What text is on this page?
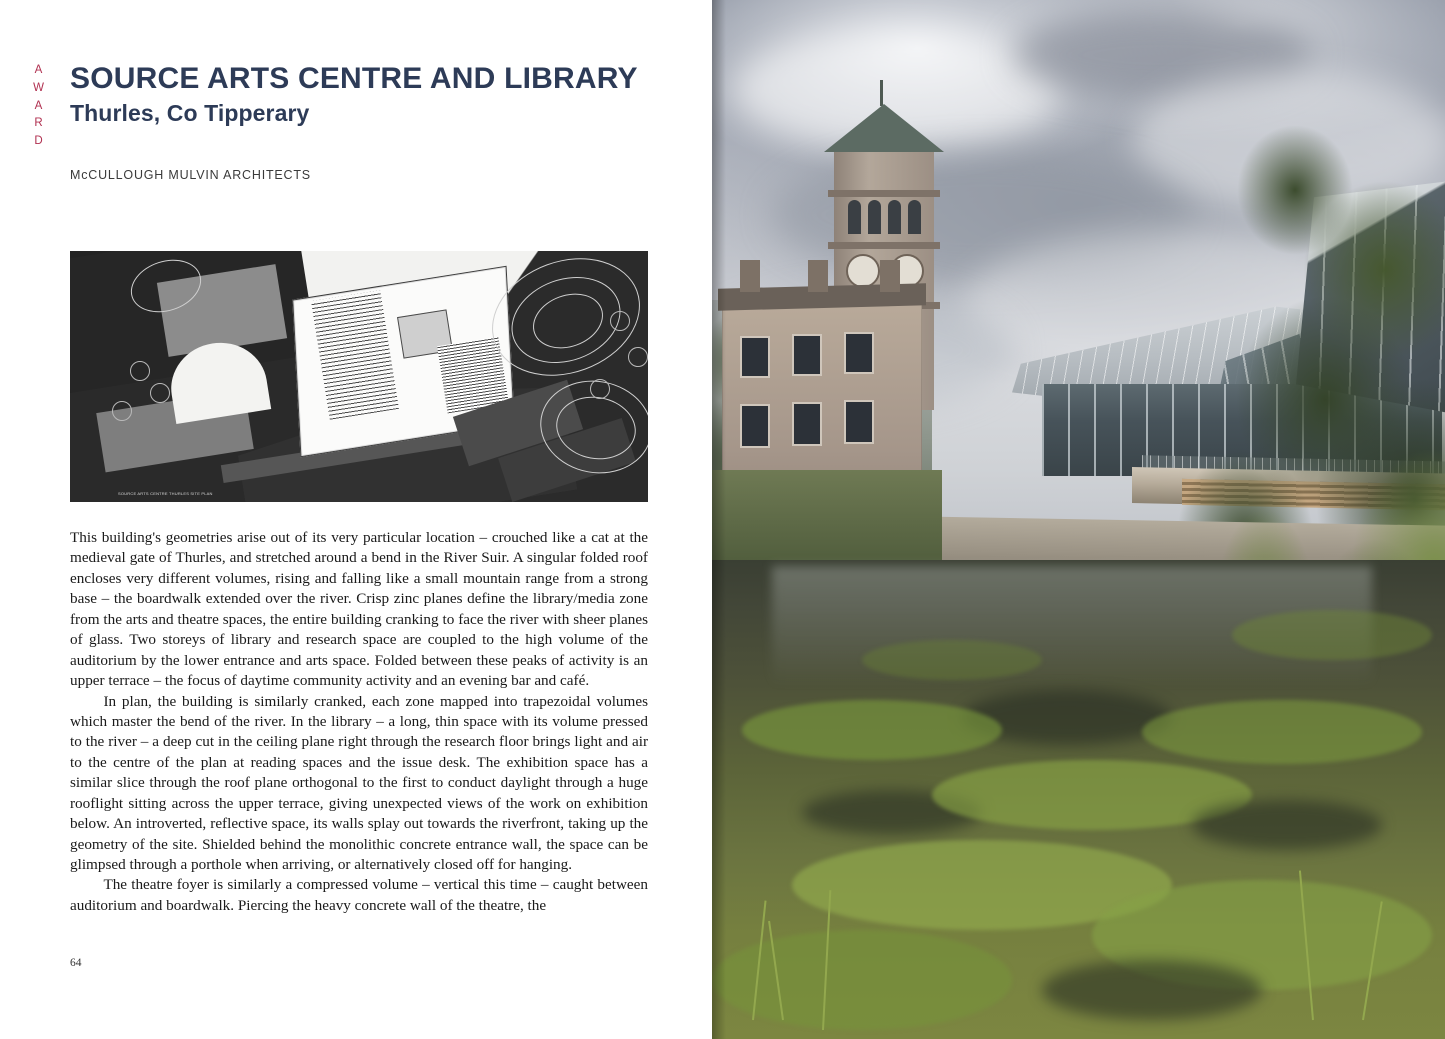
A
W
A
R
D
SOURCE ARTS CENTRE AND LIBRARY
Thurles, Co Tipperary
McCULLOUGH MULVIN ARCHITECTS
SOURCE ARTS CENTRE THURLES SITE PLAN

This building's geometries arise out of its very particular location – crouched like a cat at the medieval gate of Thurles, and stretched around a bend in the River Suir. A singular folded roof encloses very different volumes, rising and falling like a small mountain range from a strong base – the boardwalk extended over the river. Crisp zinc planes define the library/media zone from the arts and theatre spaces, the entire building cranking to face the river with sheer planes of glass. Two storeys of library and research space are coupled to the high volume of the auditorium by the lower entrance and arts space. Folded between these peaks of activity is an upper terrace – the focus of daytime community activity and an evening bar and café.

In plan, the building is similarly cranked, each zone mapped into trapezoidal volumes which master the bend of the river. In the library – a long, thin space with its volume pressed to the river – a deep cut in the ceiling plane right through the research floor brings light and air to the centre of the plan at reading spaces and the issue desk. The exhibition space has a similar slice through the roof plane orthogonal to the first to conduct daylight through a huge rooflight sitting across the upper terrace, giving unexpected views of the work on exhibition below. An introverted, reflective space, its walls splay out towards the riverfront, taking up the geometry of the site. Shielded behind the monolithic concrete entrance wall, the space can be glimpsed through a porthole when arriving, or alternatively closed off for hanging.

The theatre foyer is similarly a compressed volume – vertical this time – caught between auditorium and boardwalk. Piercing the heavy concrete wall of the theatre, the

64
